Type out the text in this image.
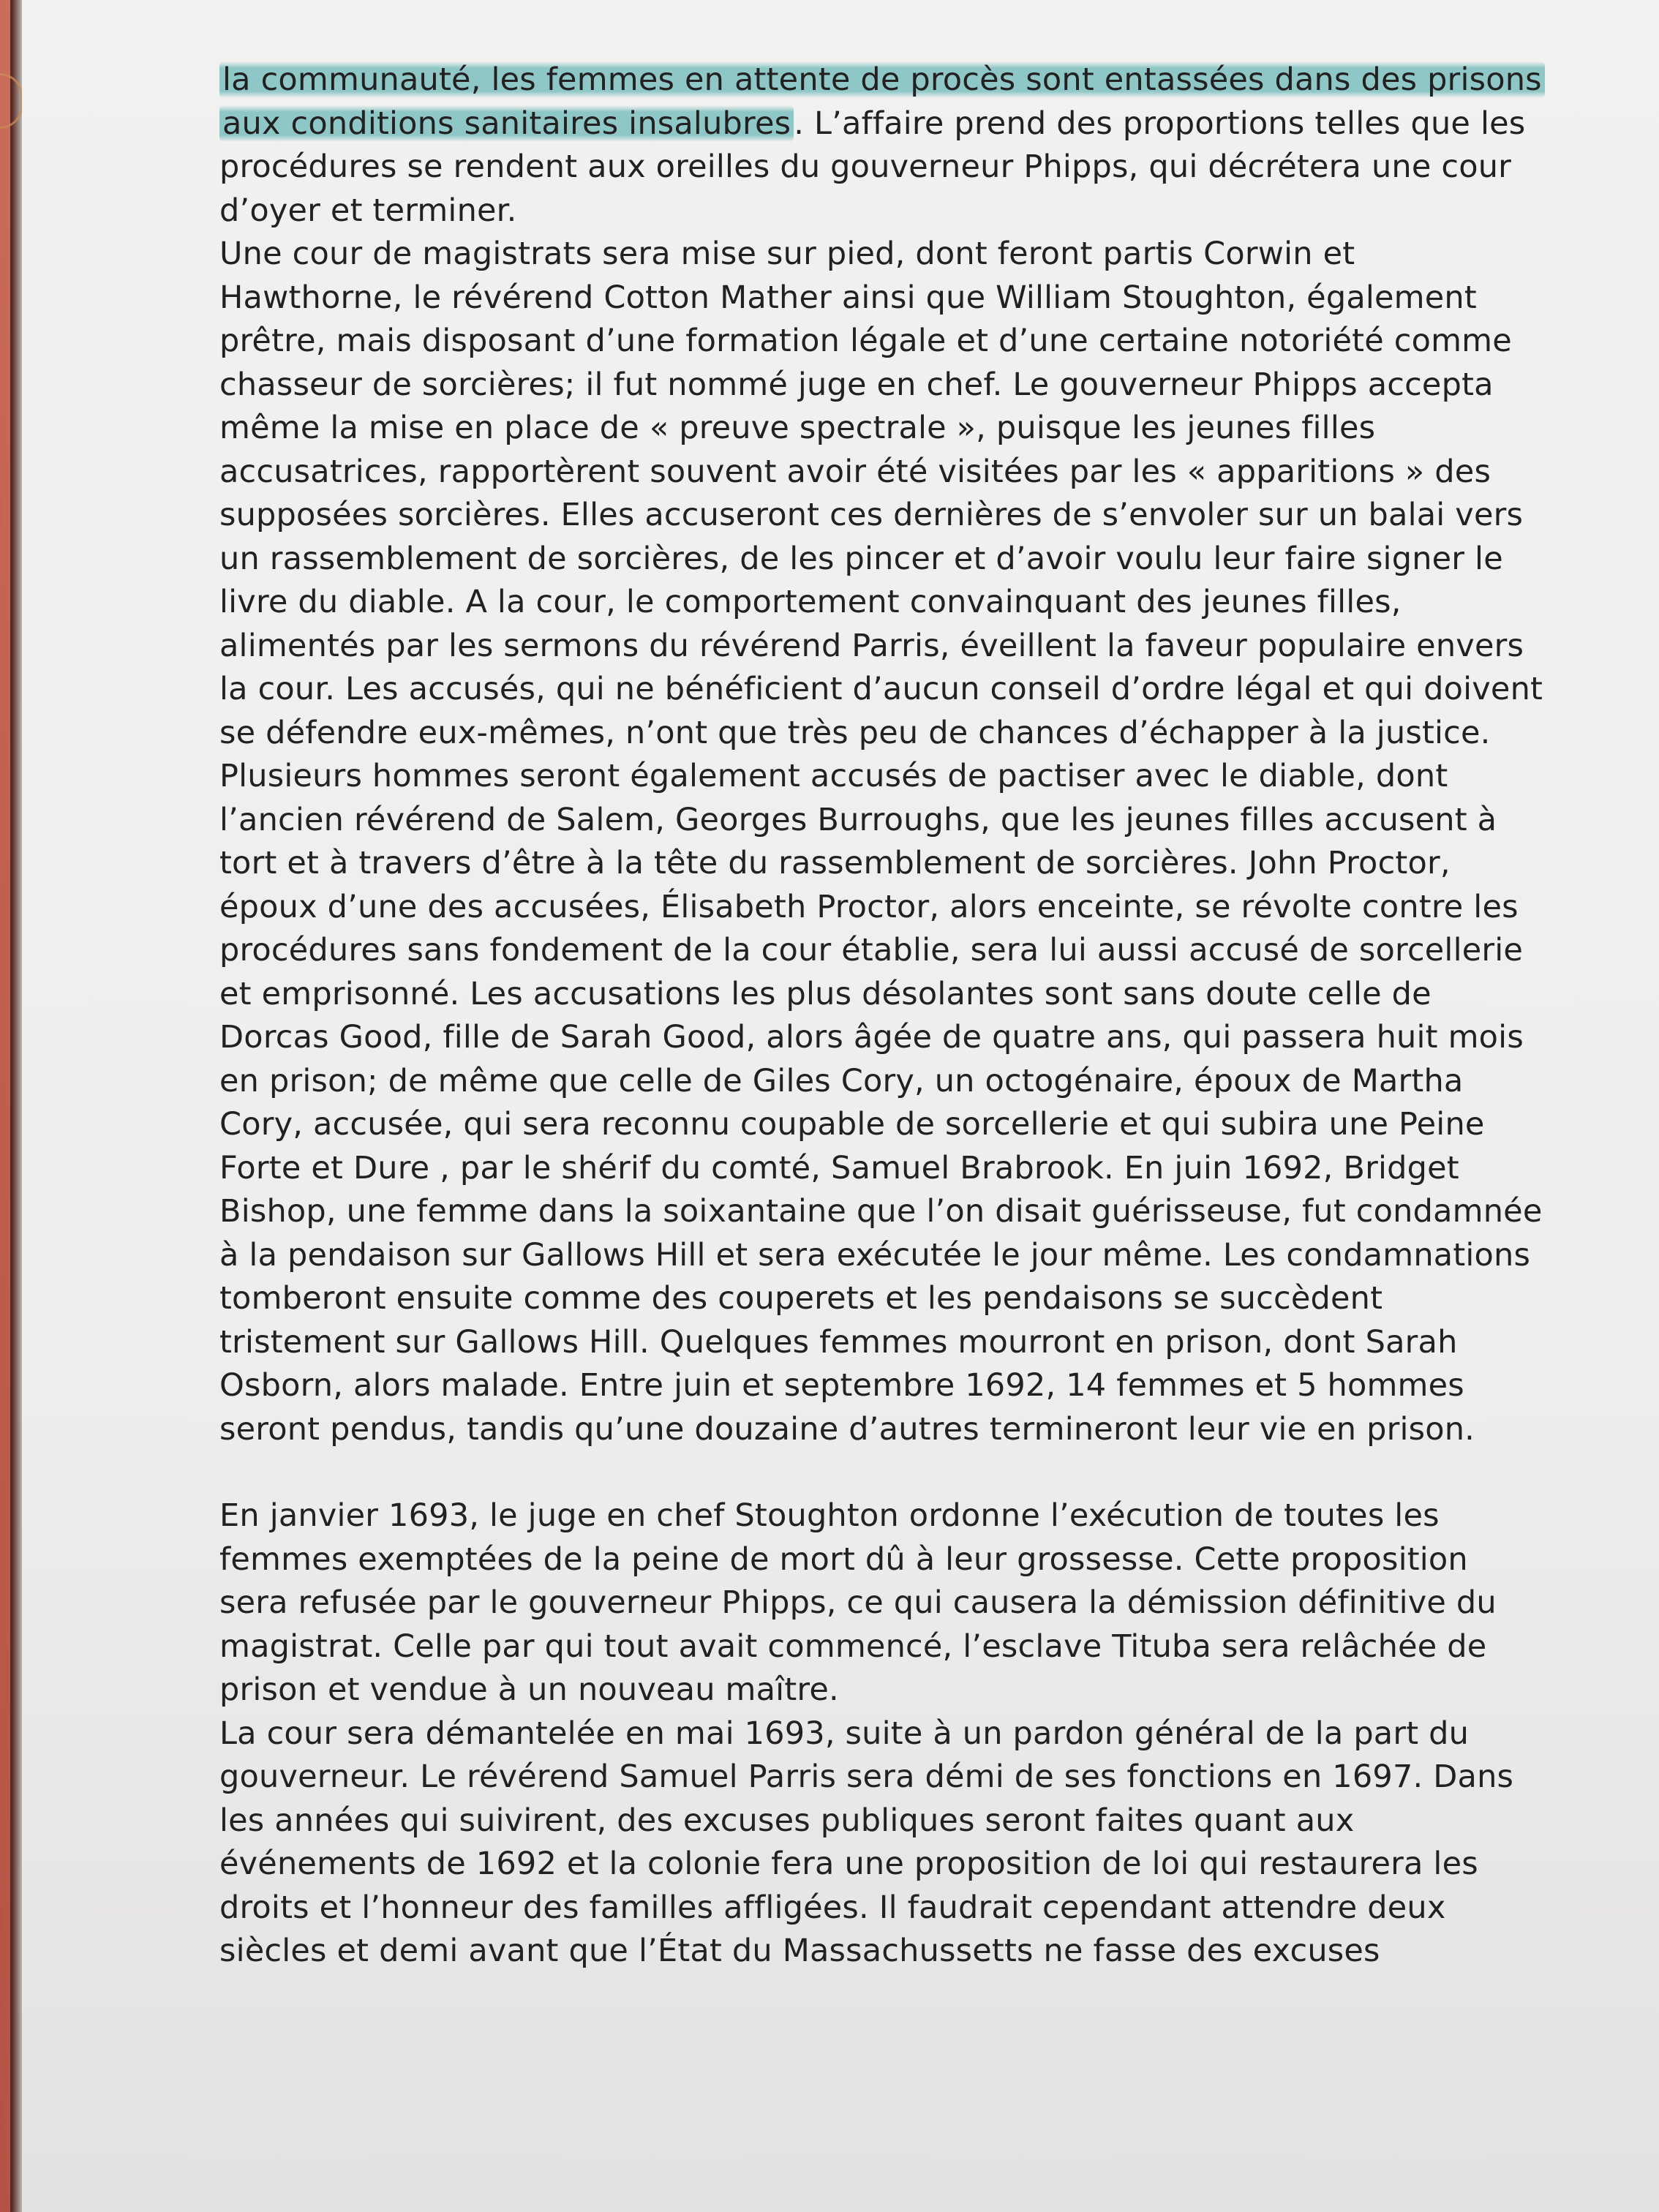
la communauté, les femmes en attente de procès sont entassées dans des prisons
aux conditions sanitaires insalubres. L’affaire prend des proportions telles que les
procédures se rendent aux oreilles du gouverneur Phipps, qui décrétera une cour
d’oyer et terminer.

Une cour de magistrats sera mise sur pied, dont feront partis Corwin et
Hawthorne, le révérend Cotton Mather ainsi que William Stoughton, également
prêtre, mais disposant d’une formation légale et d’une certaine notoriété comme
chasseur de sorcières; il fut nommé juge en chef. Le gouverneur Phipps accepta
même la mise en place de « preuve spectrale », puisque les jeunes filles
accusatrices, rapportèrent souvent avoir été visitées par les « apparitions » des
supposées sorcières. Elles accuseront ces dernières de s’envoler sur un balai vers
un rassemblement de sorcières, de les pincer et d’avoir voulu leur faire signer le
livre du diable. A la cour, le comportement convainquant des jeunes filles,
alimentés par les sermons du révérend Parris, éveillent la faveur populaire envers
la cour. Les accusés, qui ne bénéficient d’aucun conseil d’ordre légal et qui doivent
se défendre eux-mêmes, n’ont que très peu de chances d’échapper à la justice.
Plusieurs hommes seront également accusés de pactiser avec le diable, dont
l’ancien révérend de Salem, Georges Burroughs, que les jeunes filles accusent à
tort et à travers d’être à la tête du rassemblement de sorcières. John Proctor,
époux d’une des accusées, Élisabeth Proctor, alors enceinte, se révolte contre les
procédures sans fondement de la cour établie, sera lui aussi accusé de sorcellerie
et emprisonné. Les accusations les plus désolantes sont sans doute celle de
Dorcas Good, fille de Sarah Good, alors âgée de quatre ans, qui passera huit mois
en prison; de même que celle de Giles Cory, un octogénaire, époux de Martha
Cory, accusée, qui sera reconnu coupable de sorcellerie et qui subira une Peine
Forte et Dure , par le shérif du comté, Samuel Brabrook. En juin 1692, Bridget
Bishop, une femme dans la soixantaine que l’on disait guérisseuse, fut condamnée
à la pendaison sur Gallows Hill et sera exécutée le jour même. Les condamnations
tomberont ensuite comme des couperets et les pendaisons se succèdent
tristement sur Gallows Hill. Quelques femmes mourront en prison, dont Sarah
Osborn, alors malade. Entre juin et septembre 1692, 14 femmes et 5 hommes
seront pendus, tandis qu’une douzaine d’autres termineront leur vie en prison.

En janvier 1693, le juge en chef Stoughton ordonne l’exécution de toutes les
femmes exemptées de la peine de mort dû à leur grossesse. Cette proposition
sera refusée par le gouverneur Phipps, ce qui causera la démission définitive du
magistrat. Celle par qui tout avait commencé, l’esclave Tituba sera relâchée de
prison et vendue à un nouveau maître.

La cour sera démantelée en mai 1693, suite à un pardon général de la part du
gouverneur. Le révérend Samuel Parris sera démi de ses fonctions en 1697. Dans
les années qui suivirent, des excuses publiques seront faites quant aux
événements de 1692 et la colonie fera une proposition de loi qui restaurera les
droits et l’honneur des familles affligées. Il faudrait cependant attendre deux
siècles et demi avant que l’État du Massachussetts ne fasse des excuses
